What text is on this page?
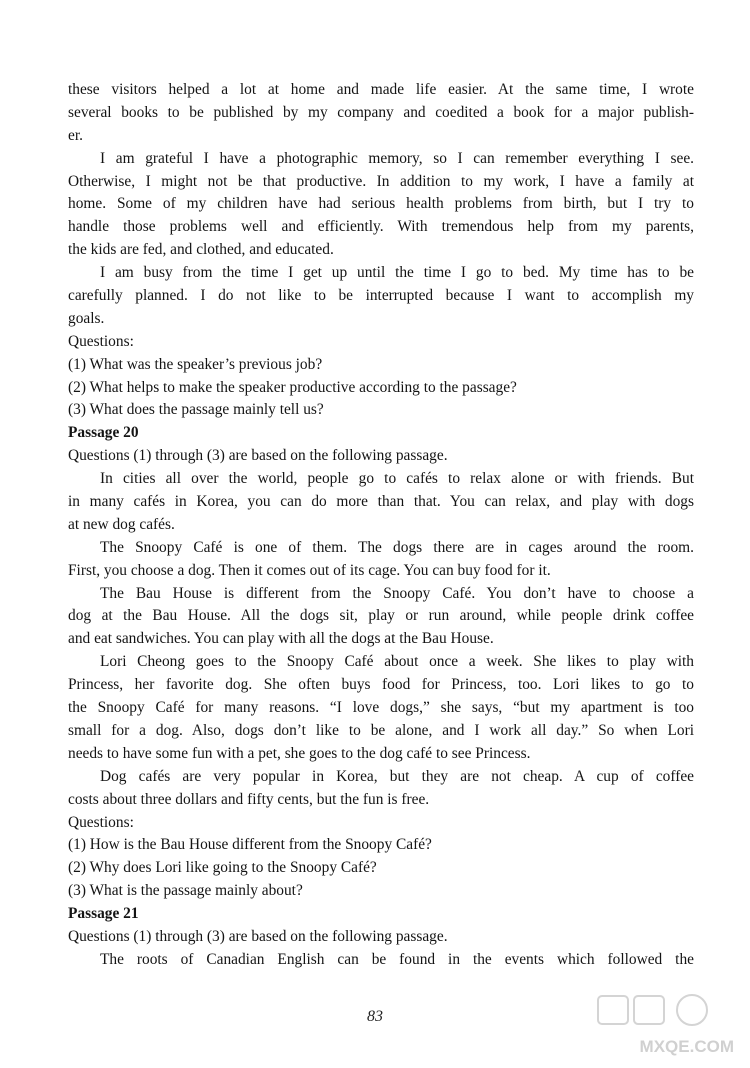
these visitors helped a lot at home and made life easier. At the same time, I wrote
several books to be published by my company and coedited a book for a major publish-
er.
I am grateful I have a photographic memory, so I can remember everything I see.
Otherwise, I might not be that productive. In addition to my work, I have a family at
home. Some of my children have had serious health problems from birth, but I try to
handle those problems well and efficiently. With tremendous help from my parents,
the kids are fed, and clothed, and educated.
I am busy from the time I get up until the time I go to bed. My time has to be
carefully planned. I do not like to be interrupted because I want to accomplish my
goals.
Questions:
(1) What was the speaker’s previous job?
(2) What helps to make the speaker productive according to the passage?
(3) What does the passage mainly tell us?
Passage 20
Questions (1) through (3) are based on the following passage.
In cities all over the world, people go to cafés to relax alone or with friends. But
in many cafés in Korea, you can do more than that. You can relax, and play with dogs
at new dog cafés.
The Snoopy Café is one of them. The dogs there are in cages around the room.
First, you choose a dog. Then it comes out of its cage. You can buy food for it.
The Bau House is different from the Snoopy Café. You don’t have to choose a
dog at the Bau House. All the dogs sit, play or run around, while people drink coffee
and eat sandwiches. You can play with all the dogs at the Bau House.
Lori Cheong goes to the Snoopy Café about once a week. She likes to play with
Princess, her favorite dog. She often buys food for Princess, too. Lori likes to go to
the Snoopy Café for many reasons. “I love dogs,” she says, “but my apartment is too
small for a dog. Also, dogs don’t like to be alone, and I work all day.” So when Lori
needs to have some fun with a pet, she goes to the dog café to see Princess.
Dog cafés are very popular in Korea, but they are not cheap. A cup of coffee
costs about three dollars and fifty cents, but the fun is free.
Questions:
(1) How is the Bau House different from the Snoopy Café?
(2) Why does Lori like going to the Snoopy Café?
(3) What is the passage mainly about?
Passage 21
Questions (1) through (3) are based on the following passage.
The roots of Canadian English can be found in the events which followed the
83
MXQE.COM
